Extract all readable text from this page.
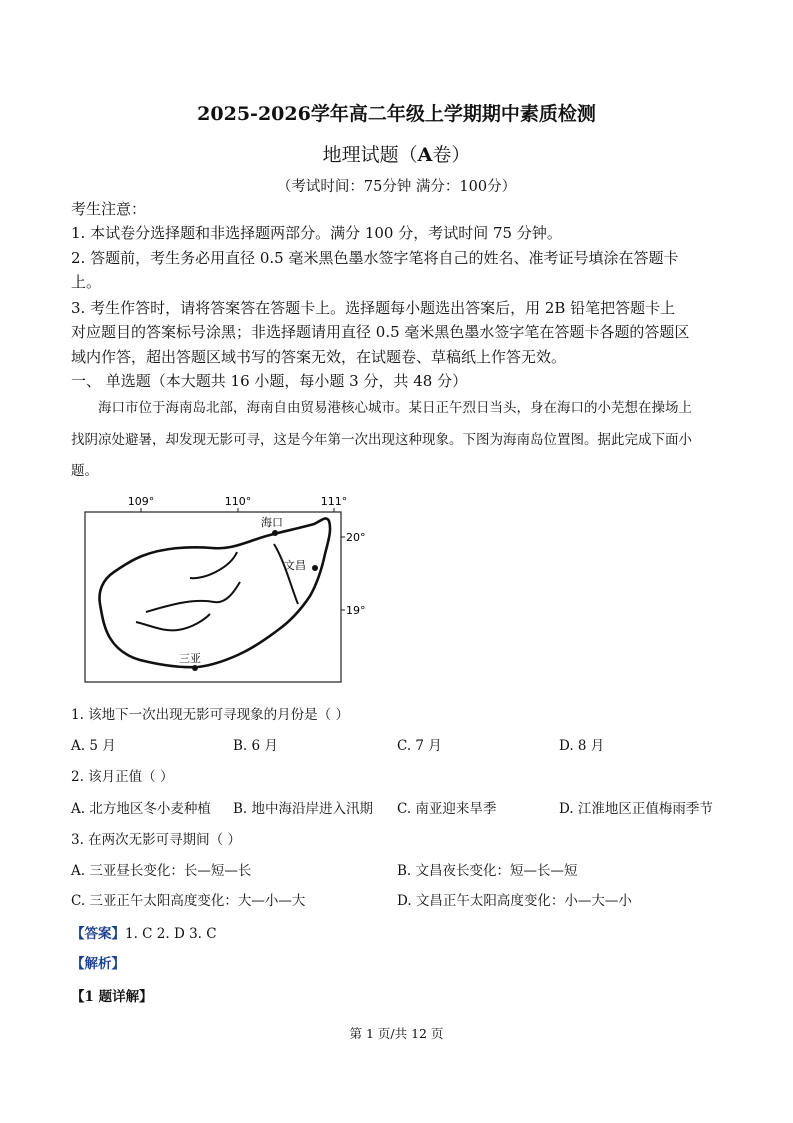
2025-2026学年高二年级上学期期中素质检测
地理试题（A卷）
（考试时间：75分钟 满分：100分）
考生注意：
1. 本试卷分选择题和非选择题两部分。满分 100 分，考试时间 75 分钟。
2. 答题前，考生务必用直径 0.5 毫米黑色墨水签字笔将自己的姓名、准考证号填涂在答题卡
上。
3. 考生作答时，请将答案答在答题卡上。选择题每小题选出答案后，用 2B 铅笔把答题卡上
对应题目的答案标号涂黑；非选择题请用直径 0.5 毫米黑色墨水签字笔在答题卡各题的答题区
域内作答，超出答题区域书写的答案无效，在试题卷、草稿纸上作答无效。
一、 单选题（本大题共 16 小题，每小题 3 分，共 48 分）
海口市位于海南岛北部，海南自由贸易港核心城市。某日正午烈日当头，身在海口的小芜想在操场上
找阴凉处避暑，却发现无影可寻，这是今年第一次出现这种现象。下图为海南岛位置图。据此完成下面小
题。
109°	110°	111°
20°
19°
海口
文昌
三亚
1. 该地下一次出现无影可寻现象的月份是（ ）
A. 5 月	B. 6 月	C. 7 月	D. 8 月
2. 该月正值（ ）
A. 北方地区冬小麦种植 B. 地中海沿岸进入汛期 C. 南亚迎来旱季	D. 江淮地区正值梅雨季节
3. 在两次无影可寻期间（ ）
A. 三亚昼长变化：长—短—长	B. 文昌夜长变化：短—长—短
C. 三亚正午太阳高度变化：大—小—大	D. 文昌正午太阳高度变化：小—大—小
【答案】1. C 2. D 3. C
【解析】
【1 题详解】
第 1 页/共 12 页
